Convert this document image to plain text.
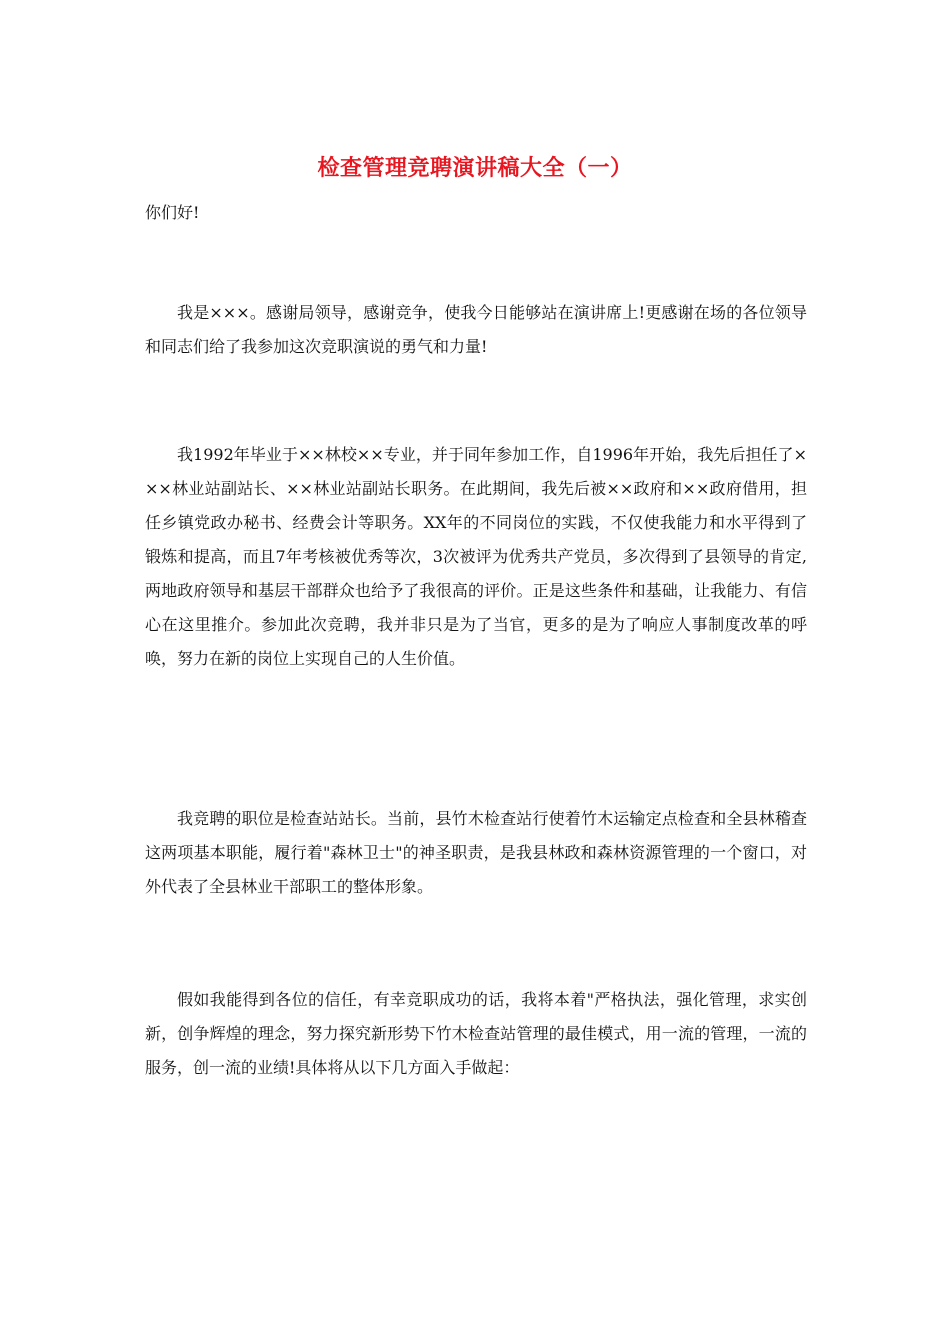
检查管理竞聘演讲稿大全（一）
你们好!

我是×××。感谢局领导，感谢竞争，使我今日能够站在演讲席上!更感谢在场的各位领导和同志们给了我参加这次竞职演说的勇气和力量!

我1992年毕业于××林校××专业，并于同年参加工作，自1996年开始，我先后担任了×××林业站副站长、××林业站副站长职务。在此期间，我先后被××政府和××政府借用，担任乡镇党政办秘书、经费会计等职务。XX年的不同岗位的实践，不仅使我能力和水平得到了锻炼和提高，而且7年考核被优秀等次，3次被评为优秀共产党员，多次得到了县领导的肯定,两地政府领导和基层干部群众也给予了我很高的评价。正是这些条件和基础，让我能力、有信心在这里推介。参加此次竞聘，我并非只是为了当官，更多的是为了响应人事制度改革的呼唤，努力在新的岗位上实现自己的人生价值。

我竞聘的职位是检查站站长。当前，县竹木检查站行使着竹木运输定点检查和全县林稽查这两项基本职能，履行着"森林卫士"的神圣职责，是我县林政和森林资源管理的一个窗口，对外代表了全县林业干部职工的整体形象。

假如我能得到各位的信任，有幸竞职成功的话，我将本着"严格执法，强化管理，求实创新，创争辉煌的理念，努力探究新形势下竹木检查站管理的最佳模式，用一流的管理，一流的服务，创一流的业绩!具体将从以下几方面入手做起：
